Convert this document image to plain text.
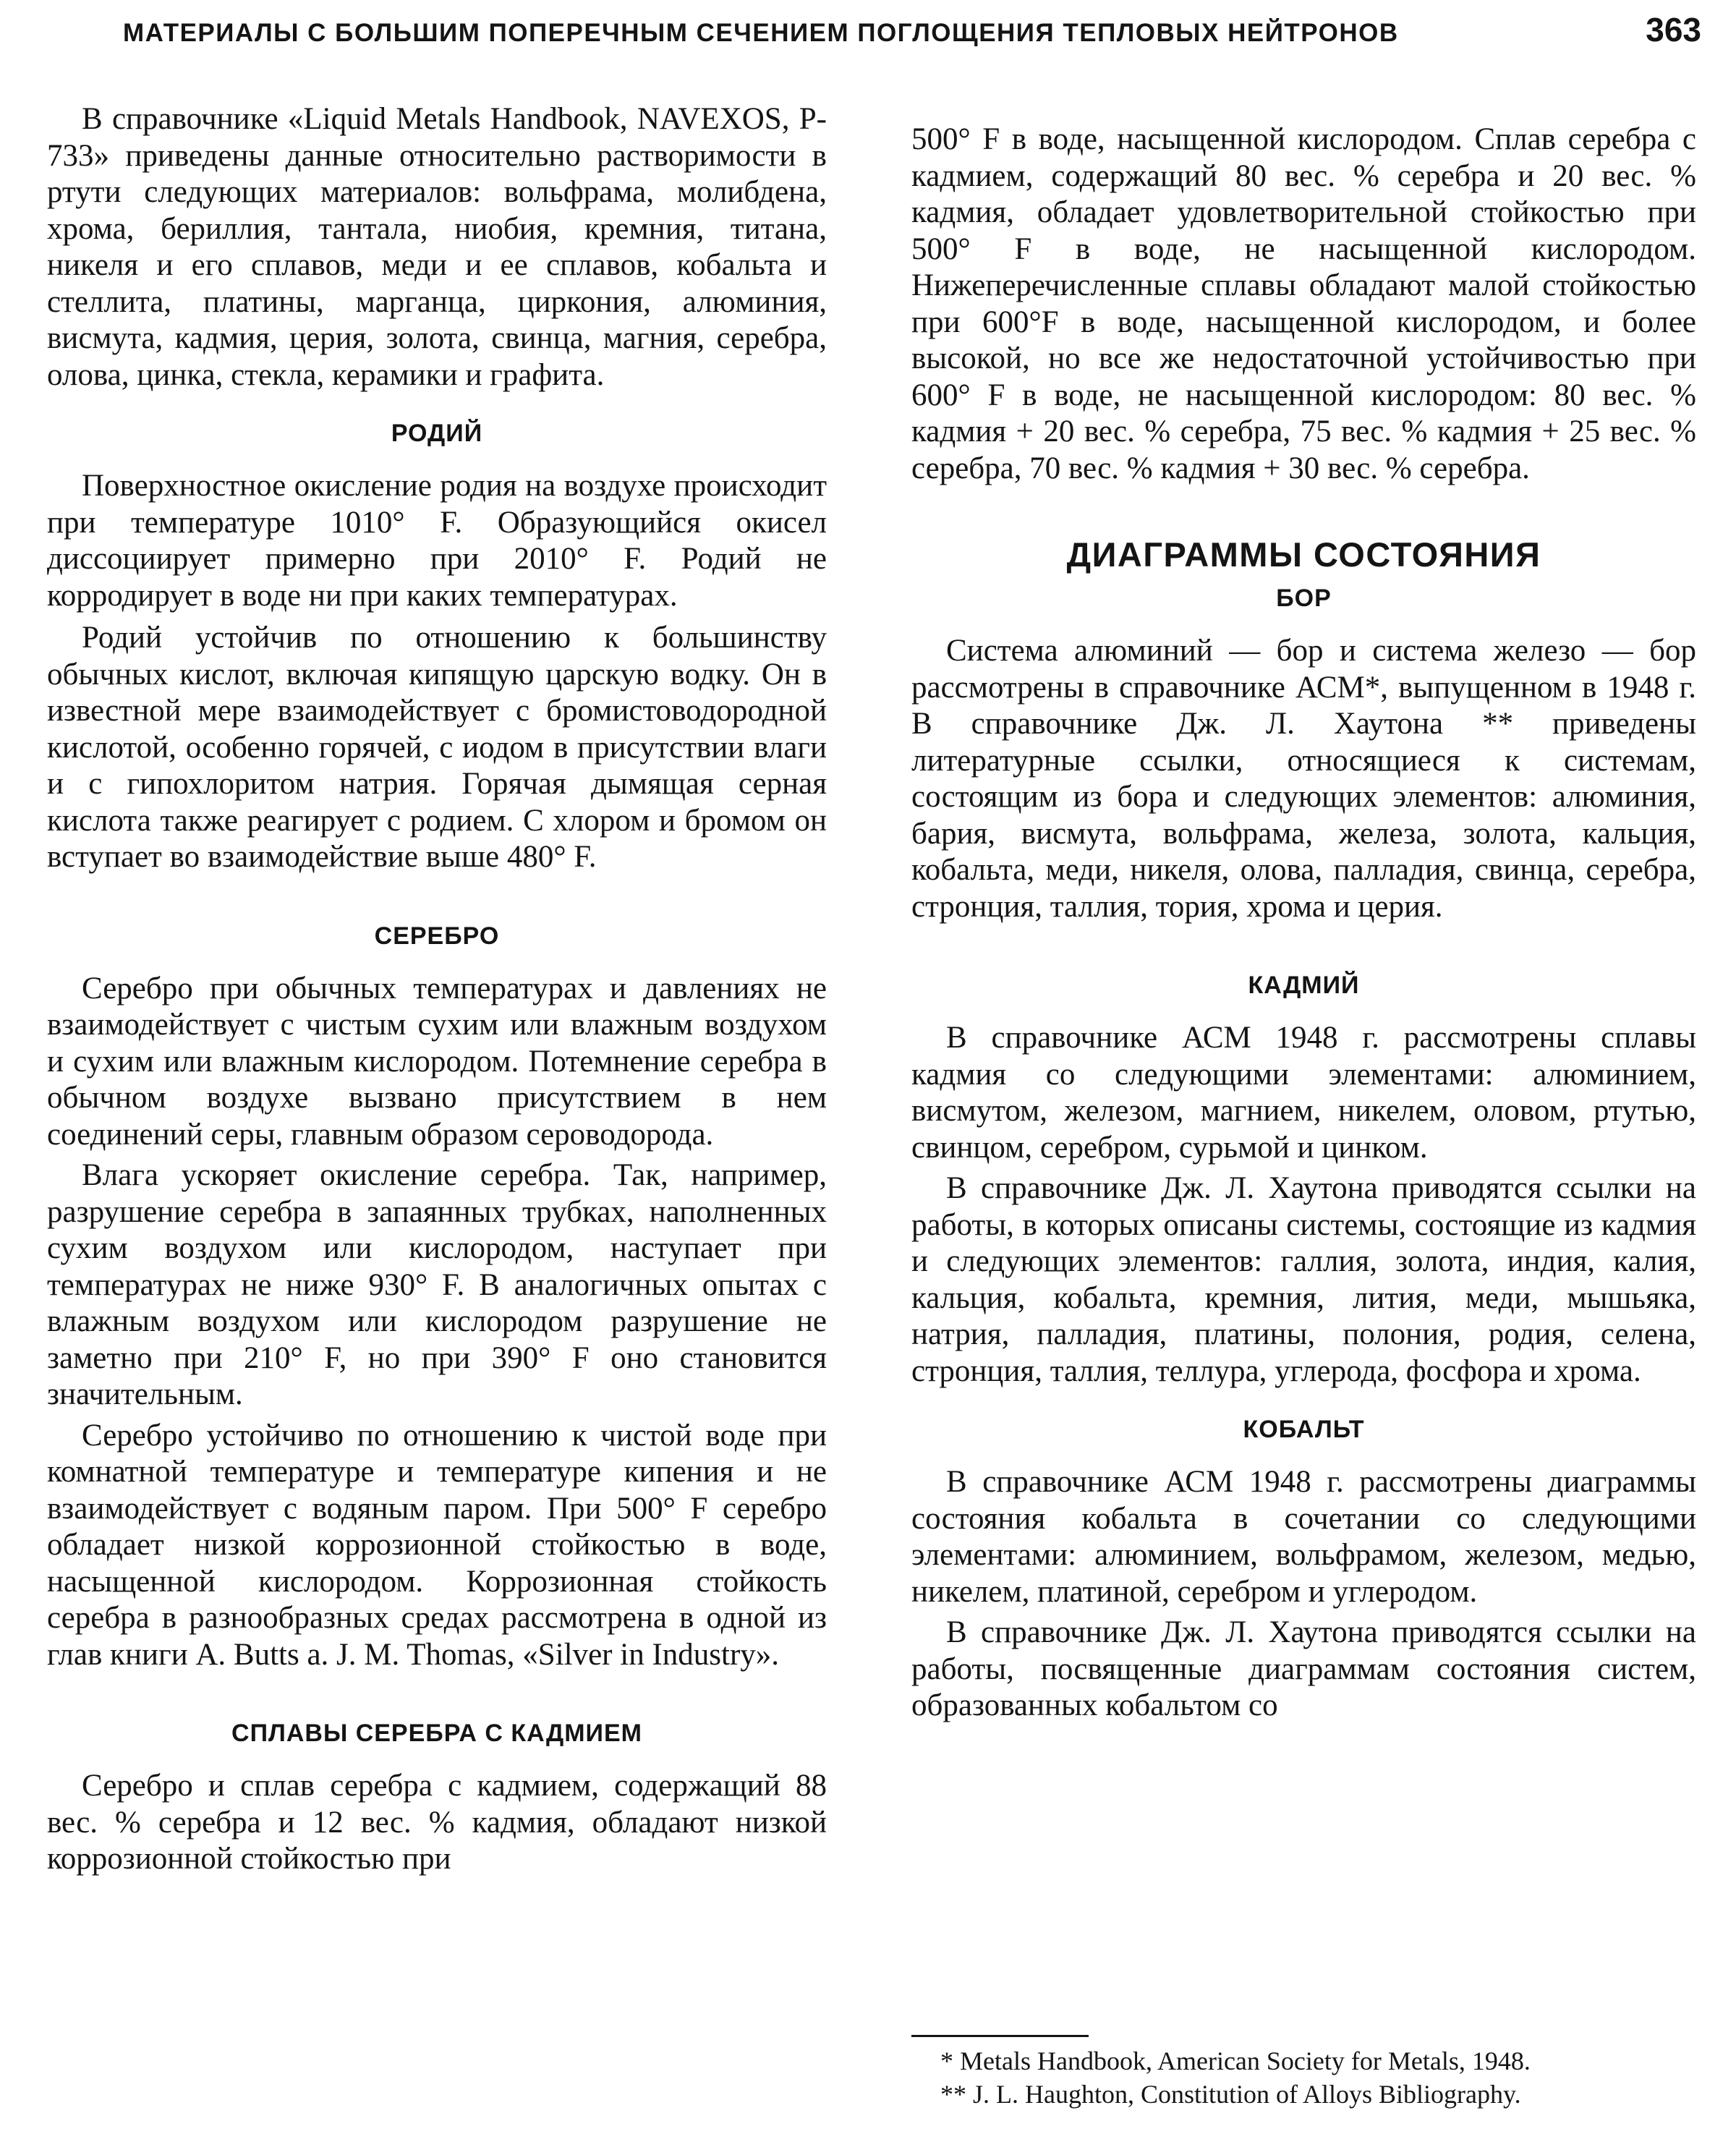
МАТЕРИАЛЫ С БОЛЬШИМ ПОПЕРЕЧНЫМ СЕЧЕНИЕМ ПОГЛОЩЕНИЯ ТЕПЛОВЫХ НЕЙТРОНОВ	363

В справочнике «Liquid Metals Handbook, NAVEXOS, P-733» приведены данные относительно растворимости в ртути следующих материалов: вольфрама, молибдена, хрома, бериллия, тантала, ниобия, кремния, титана, никеля и его сплавов, меди и ее сплавов, кобальта и стеллита, платины, марганца, циркония, алюминия, висмута, кадмия, церия, золота, свинца, магния, серебра, олова, цинка, стекла, керамики и графита.

РОДИЙ

Поверхностное окисление родия на воздухе происходит при температуре 1010° F. Образующийся окисел диссоциирует примерно при 2010° F. Родий не корродирует в воде ни при каких температурах.

Родий устойчив по отношению к большинству обычных кислот, включая кипящую царскую водку. Он в известной мере взаимодействует с бромистоводородной кислотой, особенно горячей, с иодом в присутствии влаги и с гипохлоритом натрия. Горячая дымящая серная кислота также реагирует с родием. С хлором и бромом он вступает во взаимодействие выше 480° F.

СЕРЕБРО

Серебро при обычных температурах и давлениях не взаимодействует с чистым сухим или влажным воздухом и сухим или влажным кислородом. Потемнение серебра в обычном воздухе вызвано присутствием в нем соединений серы, главным образом сероводорода.

Влага ускоряет окисление серебра. Так, например, разрушение серебра в запаянных трубках, наполненных сухим воздухом или кислородом, наступает при температурах не ниже 930° F. В аналогичных опытах с влажным воздухом или кислородом разрушение не заметно при 210° F, но при 390° F оно становится значительным.

Серебро устойчиво по отношению к чистой воде при комнатной температуре и температуре кипения и не взаимодействует с водяным паром. При 500° F серебро обладает низкой коррозионной стойкостью в воде, насыщенной кислородом. Коррозионная стойкость серебра в разнообразных средах рассмотрена в одной из глав книги A. Butts a. J. M. Thomas, «Silver in Industry».

СПЛАВЫ СЕРЕБРА С КАДМИЕМ

Серебро и сплав серебра с кадмием, содержащий 88 вес. % серебра и 12 вес. % кадмия, обладают низкой коррозионной стойкостью при

500° F в воде, насыщенной кислородом. Сплав серебра с кадмием, содержащий 80 вес. % серебра и 20 вес. % кадмия, обладает удовлетворительной стойкостью при 500° F в воде, не насыщенной кислородом. Нижеперечисленные сплавы обладают малой стойкостью при 600°F в воде, насыщенной кислородом, и более высокой, но все же недостаточной устойчивостью при 600° F в воде, не насыщенной кислородом: 80 вес. % кадмия + 20 вес. % серебра, 75 вес. % кадмия + 25 вес. % серебра, 70 вес. % кадмия + 30 вес. % серебра.

ДИАГРАММЫ СОСТОЯНИЯ
БОР

Система алюминий — бор и система железо — бор рассмотрены в справочнике АСМ*, выпущенном в 1948 г. В справочнике Дж. Л. Хаутона ** приведены литературные ссылки, относящиеся к системам, состоящим из бора и следующих элементов: алюминия, бария, висмута, вольфрама, железа, золота, кальция, кобальта, меди, никеля, олова, палладия, свинца, серебра, стронция, таллия, тория, хрома и церия.

КАДМИЙ

В справочнике АСМ 1948 г. рассмотрены сплавы кадмия со следующими элементами: алюминием, висмутом, железом, магнием, никелем, оловом, ртутью, свинцом, серебром, сурьмой и цинком.

В справочнике Дж. Л. Хаутона приводятся ссылки на работы, в которых описаны системы, состоящие из кадмия и следующих элементов: галлия, золота, индия, калия, кальция, кобальта, кремния, лития, меди, мышьяка, натрия, палладия, платины, полония, родия, селена, стронция, таллия, теллура, углерода, фосфора и хрома.

КОБАЛЬТ

В справочнике АСМ 1948 г. рассмотрены диаграммы состояния кобальта в сочетании со следующими элементами: алюминием, вольфрамом, железом, медью, никелем, платиной, серебром и углеродом.

В справочнике Дж. Л. Хаутона приводятся ссылки на работы, посвященные диаграммам состояния систем, образованных кобальтом со

* Metals Handbook, American Society for Metals, 1948.
** J. L. Haughton, Constitution of Alloys Bibliography.
